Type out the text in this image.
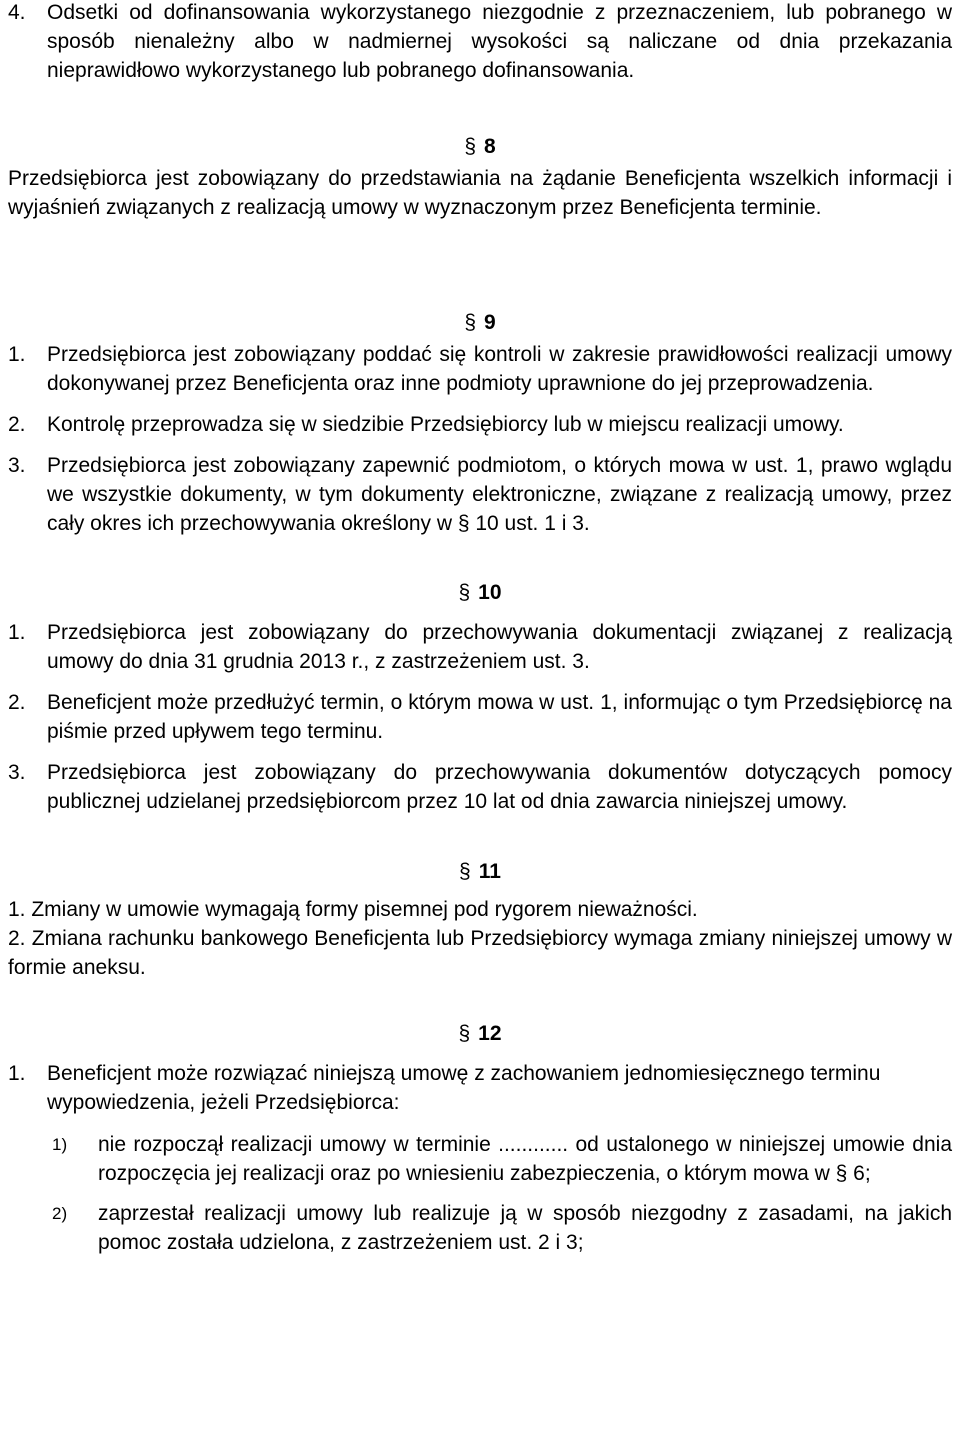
4.	Odsetki od dofinansowania wykorzystanego niezgodnie z przeznaczeniem, lub pobranego w sposób nienależny albo w nadmiernej wysokości są naliczane od dnia przekazania nieprawidłowo wykorzystanego lub pobranego dofinansowania.
§ 8
Przedsiębiorca jest zobowiązany do przedstawiania na żądanie Beneficjenta wszelkich informacji i wyjaśnień związanych z realizacją umowy w wyznaczonym przez Beneficjenta terminie.
§ 9
1.	Przedsiębiorca jest zobowiązany poddać się kontroli w zakresie prawidłowości realizacji umowy dokonywanej przez Beneficjenta oraz inne podmioty uprawnione do jej przeprowadzenia.
2.	Kontrolę przeprowadza się w siedzibie Przedsiębiorcy lub w miejscu realizacji umowy.
3.	Przedsiębiorca jest zobowiązany zapewnić podmiotom, o których mowa w ust. 1, prawo wglądu we wszystkie dokumenty, w tym dokumenty elektroniczne, związane z realizacją umowy, przez cały okres ich przechowywania określony w § 10 ust. 1 i 3.
§ 10
1.	Przedsiębiorca jest zobowiązany do przechowywania dokumentacji związanej z realizacją umowy do dnia 31 grudnia 2013 r., z zastrzeżeniem ust. 3.
2.	Beneficjent może przedłużyć termin, o którym mowa w ust. 1, informując o tym Przedsiębiorcę na piśmie przed upływem tego terminu.
3.	Przedsiębiorca jest zobowiązany do przechowywania dokumentów dotyczących pomocy publicznej udzielanej przedsiębiorcom przez 10 lat od dnia zawarcia niniejszej umowy.
§ 11
1. Zmiany w umowie wymagają formy pisemnej pod rygorem nieważności.
2. Zmiana rachunku bankowego Beneficjenta lub Przedsiębiorcy wymaga zmiany niniejszej umowy w formie aneksu.
§ 12
1.	Beneficjent może rozwiązać niniejszą umowę z zachowaniem jednomiesięcznego terminu wypowiedzenia, jeżeli Przedsiębiorca:
1)	nie rozpoczął realizacji umowy w terminie ............ od ustalonego w niniejszej umowie dnia rozpoczęcia jej realizacji oraz po wniesieniu zabezpieczenia, o którym mowa w § 6;
2)	zaprzestał realizacji umowy lub realizuje ją w sposób niezgodny z zasadami, na jakich pomoc została udzielona, z zastrzeżeniem ust. 2 i 3;
